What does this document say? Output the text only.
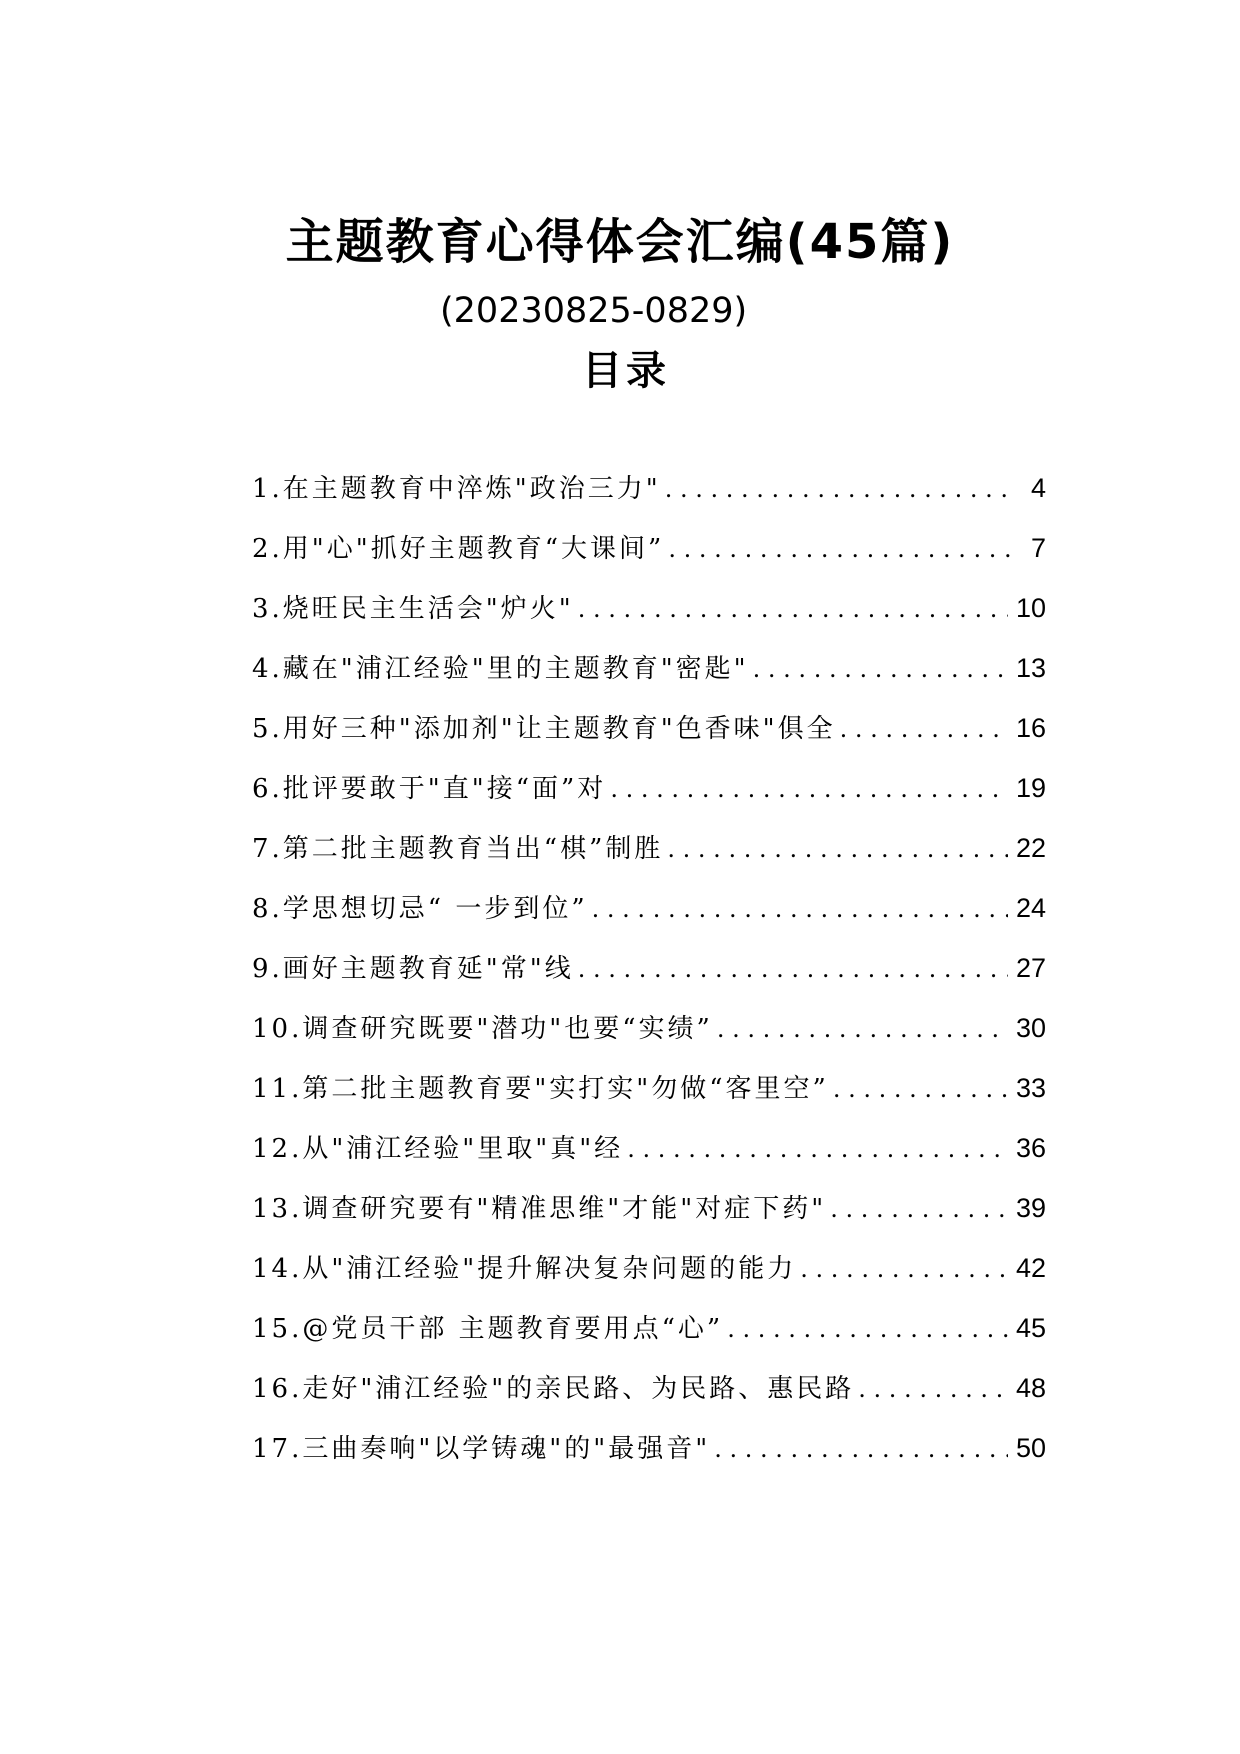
主题教育心得体会汇编(45篇)

(20230825-0829)

目录
1.在主题教育中淬炼"政治三力" . . .	4
2.用"心"抓好主题教育“大课间” . . .	7
3.烧旺民主生活会"炉火" . . .	10
4.藏在"浦江经验"里的主题教育"密匙" . . .	13
5.用好三种"添加剂"让主题教育"色香味"俱全 . . .	16
6.批评要敢于"直"接“面”对 . . .	19
7.第二批主题教育当出“棋”制胜 . . .	22
8.学思想切忌“ 一步到位” . . .	24
9.画好主题教育延"常"线 . . .	27
10.调查研究既要"潜功"也要“实绩” . . .	30
11.第二批主题教育要"实打实"勿做“客里空” . . .	33
12.从"浦江经验"里取"真"经 . . .	36
13.调查研究要有"精准思维"才能"对症下药" . . .	39
14.从"浦江经验"提升解决复杂问题的能力 . . .	42
15.@党员干部 主题教育要用点“心” . . .	45
16.走好"浦江经验"的亲民路、为民路、惠民路 . . .	48
17.三曲奏响"以学铸魂"的"最强音" . . .	50
